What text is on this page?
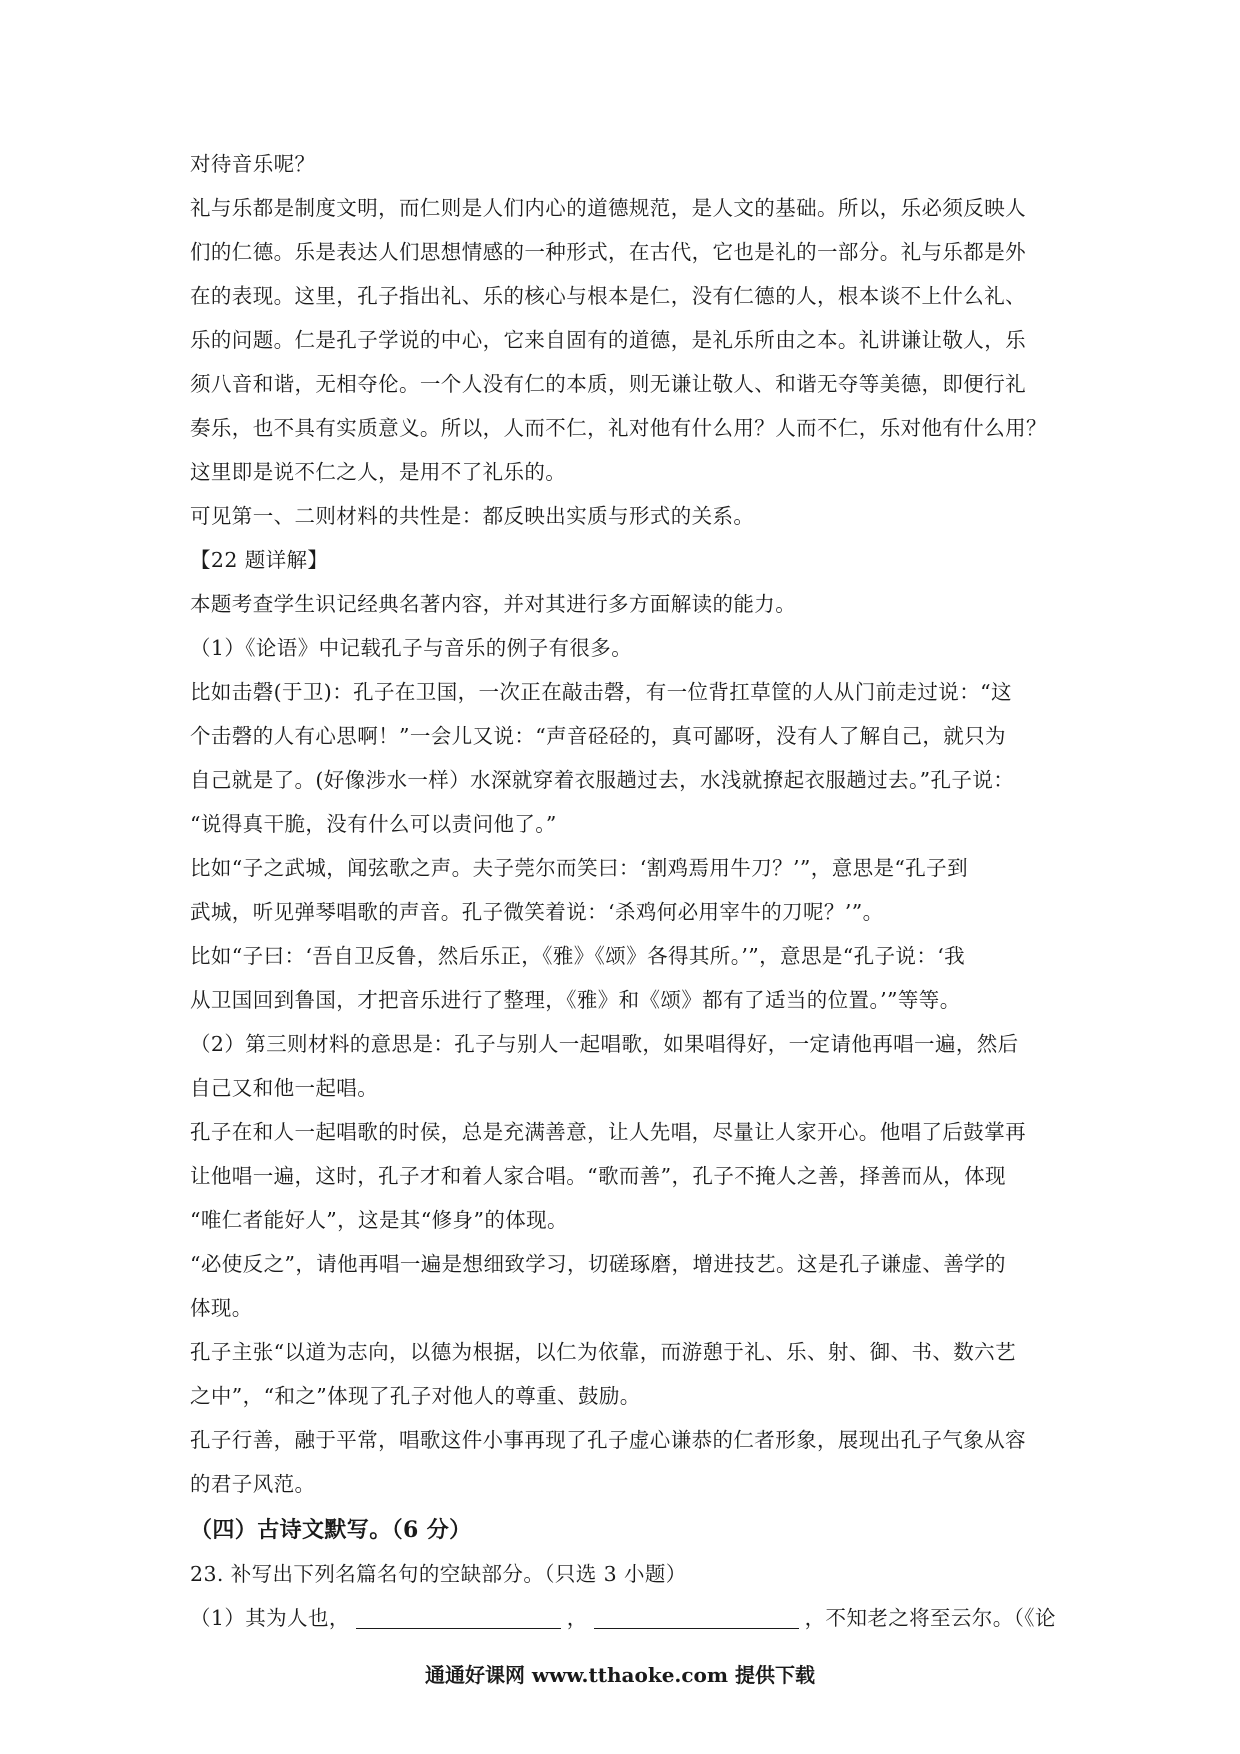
对待音乐呢？
礼与乐都是制度文明，而仁则是人们内心的道德规范，是人文的基础。所以，乐必须反映人
们的仁德。乐是表达人们思想情感的一种形式，在古代，它也是礼的一部分。礼与乐都是外
在的表现。这里，孔子指出礼、乐的核心与根本是仁，没有仁德的人，根本谈不上什么礼、
乐的问题。仁是孔子学说的中心，它来自固有的道德，是礼乐所由之本。礼讲谦让敬人，乐
须八音和谐，无相夺伦。一个人没有仁的本质，则无谦让敬人、和谐无夺等美德，即便行礼
奏乐，也不具有实质意义。所以，人而不仁，礼对他有什么用？人而不仁，乐对他有什么用？
这里即是说不仁之人，是用不了礼乐的。
可见第一、二则材料的共性是：都反映出实质与形式的关系。
【22 题详解】
本题考查学生识记经典名著内容，并对其进行多方面解读的能力。
（1）《论语》中记载孔子与音乐的例子有很多。
比如击磬(于卫)：孔子在卫国，一次正在敲击磬，有一位背扛草筐的人从门前走过说：“这
个击磬的人有心思啊！”一会儿又说：“声音硁硁的，真可鄙呀，没有人了解自己，就只为
自己就是了。(好像涉水一样）水深就穿着衣服趟过去，水浅就撩起衣服趟过去。”孔子说：
“说得真干脆，没有什么可以责问他了。”
比如“子之武城，闻弦歌之声。夫子莞尔而笑曰：‘割鸡焉用牛刀？’”，意思是“孔子到
武城，听见弹琴唱歌的声音。孔子微笑着说：‘杀鸡何必用宰牛的刀呢？’”。
比如“子曰：‘吾自卫反鲁，然后乐正，《雅》《颂》各得其所。’”，意思是“孔子说：‘我
从卫国回到鲁国，才把音乐进行了整理，《雅》和《颂》都有了适当的位置。’”等等。
（2）第三则材料的意思是：孔子与别人一起唱歌，如果唱得好，一定请他再唱一遍，然后
自己又和他一起唱。
孔子在和人一起唱歌的时侯，总是充满善意，让人先唱，尽量让人家开心。他唱了后鼓掌再
让他唱一遍，这时，孔子才和着人家合唱。“歌而善”，孔子不掩人之善，择善而从，体现
“唯仁者能好人”，这是其“修身”的体现。
“必使反之”，请他再唱一遍是想细致学习，切磋琢磨，增进技艺。这是孔子谦虚、善学的
体现。
孔子主张“以道为志向，以德为根据，以仁为依靠，而游憩于礼、乐、射、御、书、数六艺
之中”，“和之”体现了孔子对他人的尊重、鼓励。
孔子行善，融于平常，唱歌这件小事再现了孔子虚心谦恭的仁者形象，展现出孔子气象从容
的君子风范。
（四）古诗文默写。（6 分）
23. 补写出下列名篇名句的空缺部分。（只选 3 小题）
（1）其为人也，	，	，不知老之将至云尔。（《论
通通好课网 www.tthaoke.com 提供下载
